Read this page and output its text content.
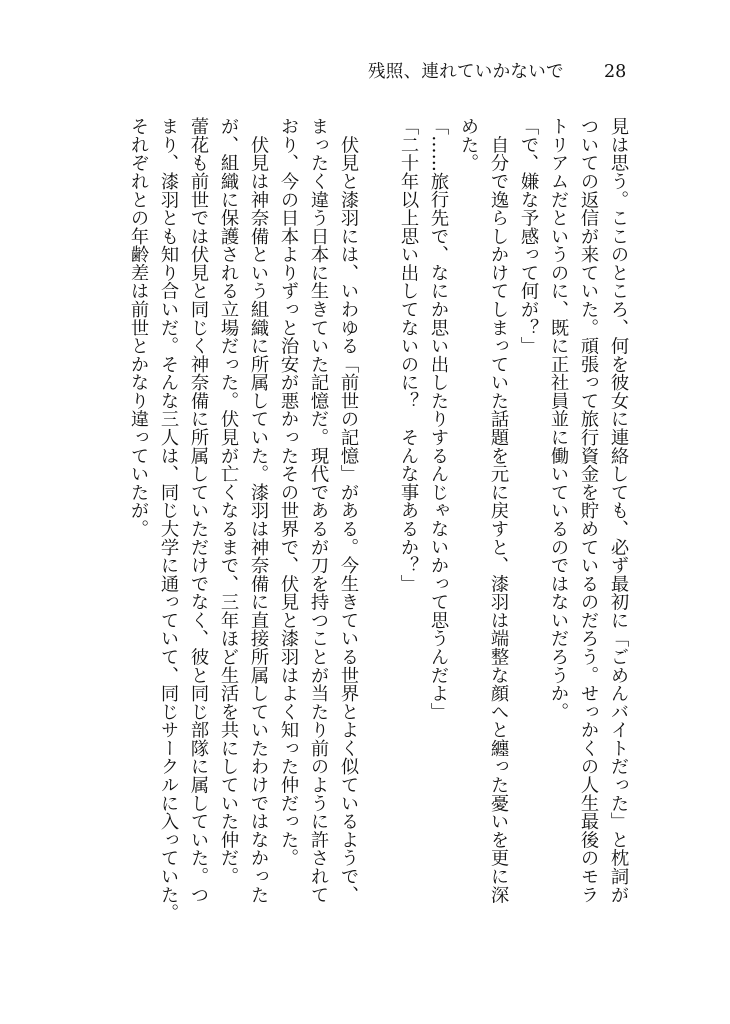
残照、連れていかないで 28

見は思う。ここのところ、何を彼女に連絡しても、必ず最初に「ごめんバイトだった」と枕詞が

ついての返信が来ていた。頑張って旅行資金を貯めているのだろう。せっかくの人生最後のモラ

トリアムだというのに、既に正社員並に働いているのではないだろうか。

「で、嫌な予感って何が？」

　自分で逸らしかけてしまっていた話題を元に戻すと、漆羽は端整な顔へと纏った憂いを更に深

めた。

「……旅行先で、なにか思い出したりするんじゃないかって思うんだよ」

「二十年以上思い出してないのに？　そんな事あるか？」

　伏見と漆羽には、いわゆる「前世の記憶」がある。今生きている世界とよく似ているようで、

まったく違う日本に生きていた記憶だ。現代であるが刀を持つことが当たり前のように許されて

おり、今の日本よりずっと治安が悪かったその世界で、伏見と漆羽はよく知った仲だった。

　伏見は神奈備という組織に所属していた。漆羽は神奈備に直接所属していたわけではなかった

が、組織に保護される立場だった。伏見が亡くなるまで、三年ほど生活を共にしていた仲だ。

蕾花も前世では伏見と同じく神奈備に所属していただけでなく、彼と同じ部隊に属していた。つ

まり、漆羽とも知り合いだ。そんな三人は、同じ大学に通っていて、同じサークルに入っていた。

それぞれとの年齢差は前世とかなり違っていたが。
